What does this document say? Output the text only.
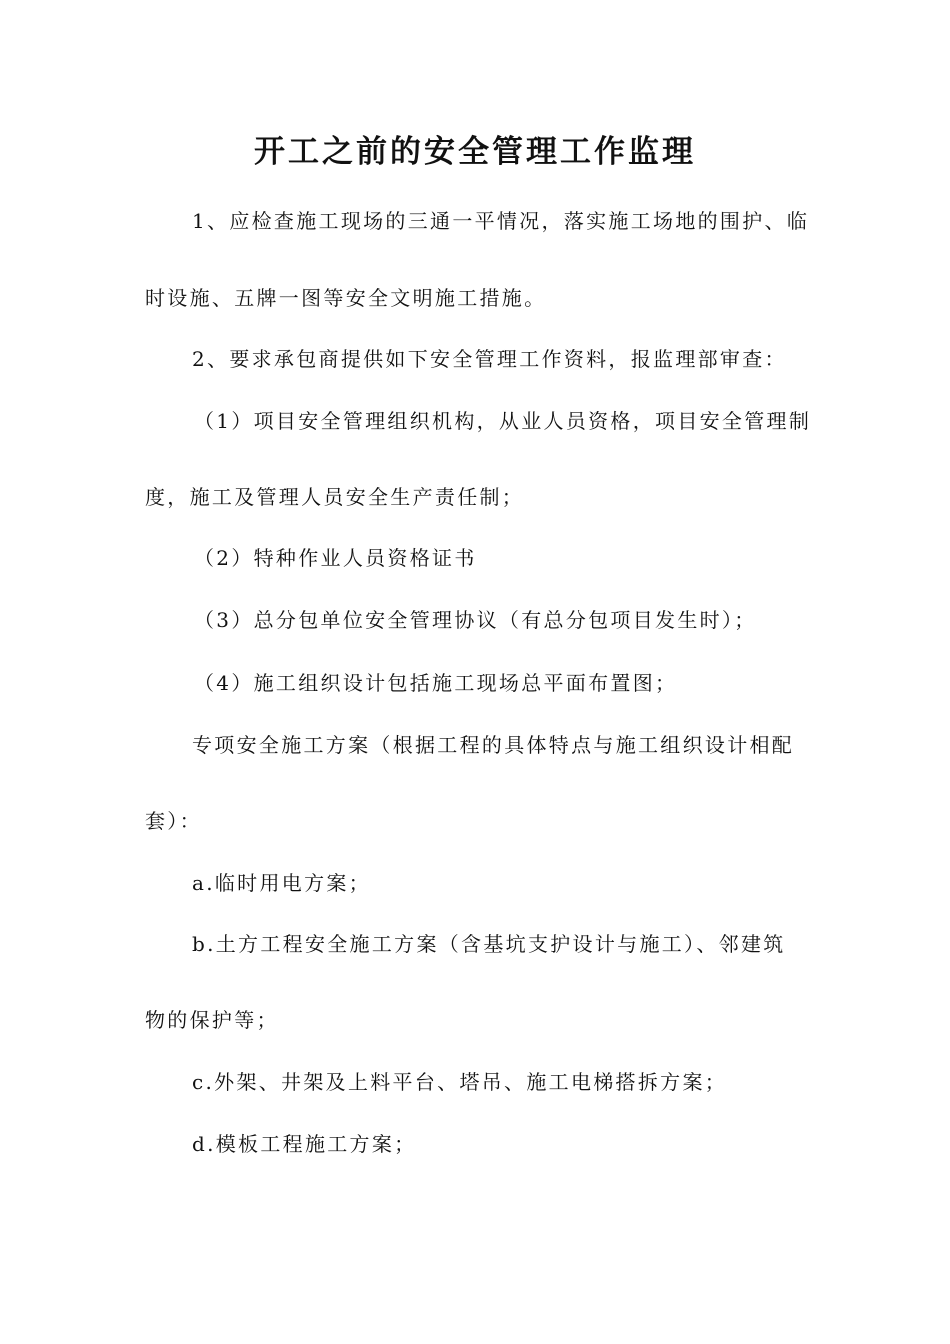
开工之前的安全管理工作监理
1、应检查施工现场的三通一平情况，落实施工场地的围护、临
时设施、五牌一图等安全文明施工措施。
2、要求承包商提供如下安全管理工作资料，报监理部审查：
（1）项目安全管理组织机构，从业人员资格，项目安全管理制
度，施工及管理人员安全生产责任制；
（2）特种作业人员资格证书
（3）总分包单位安全管理协议（有总分包项目发生时）；
（4）施工组织设计包括施工现场总平面布置图；
专项安全施工方案（根据工程的具体特点与施工组织设计相配
套）：
a.临时用电方案；
b.土方工程安全施工方案（含基坑支护设计与施工）、邻建筑
物的保护等；
c.外架、井架及上料平台、塔吊、施工电梯搭拆方案；
d.模板工程施工方案；
